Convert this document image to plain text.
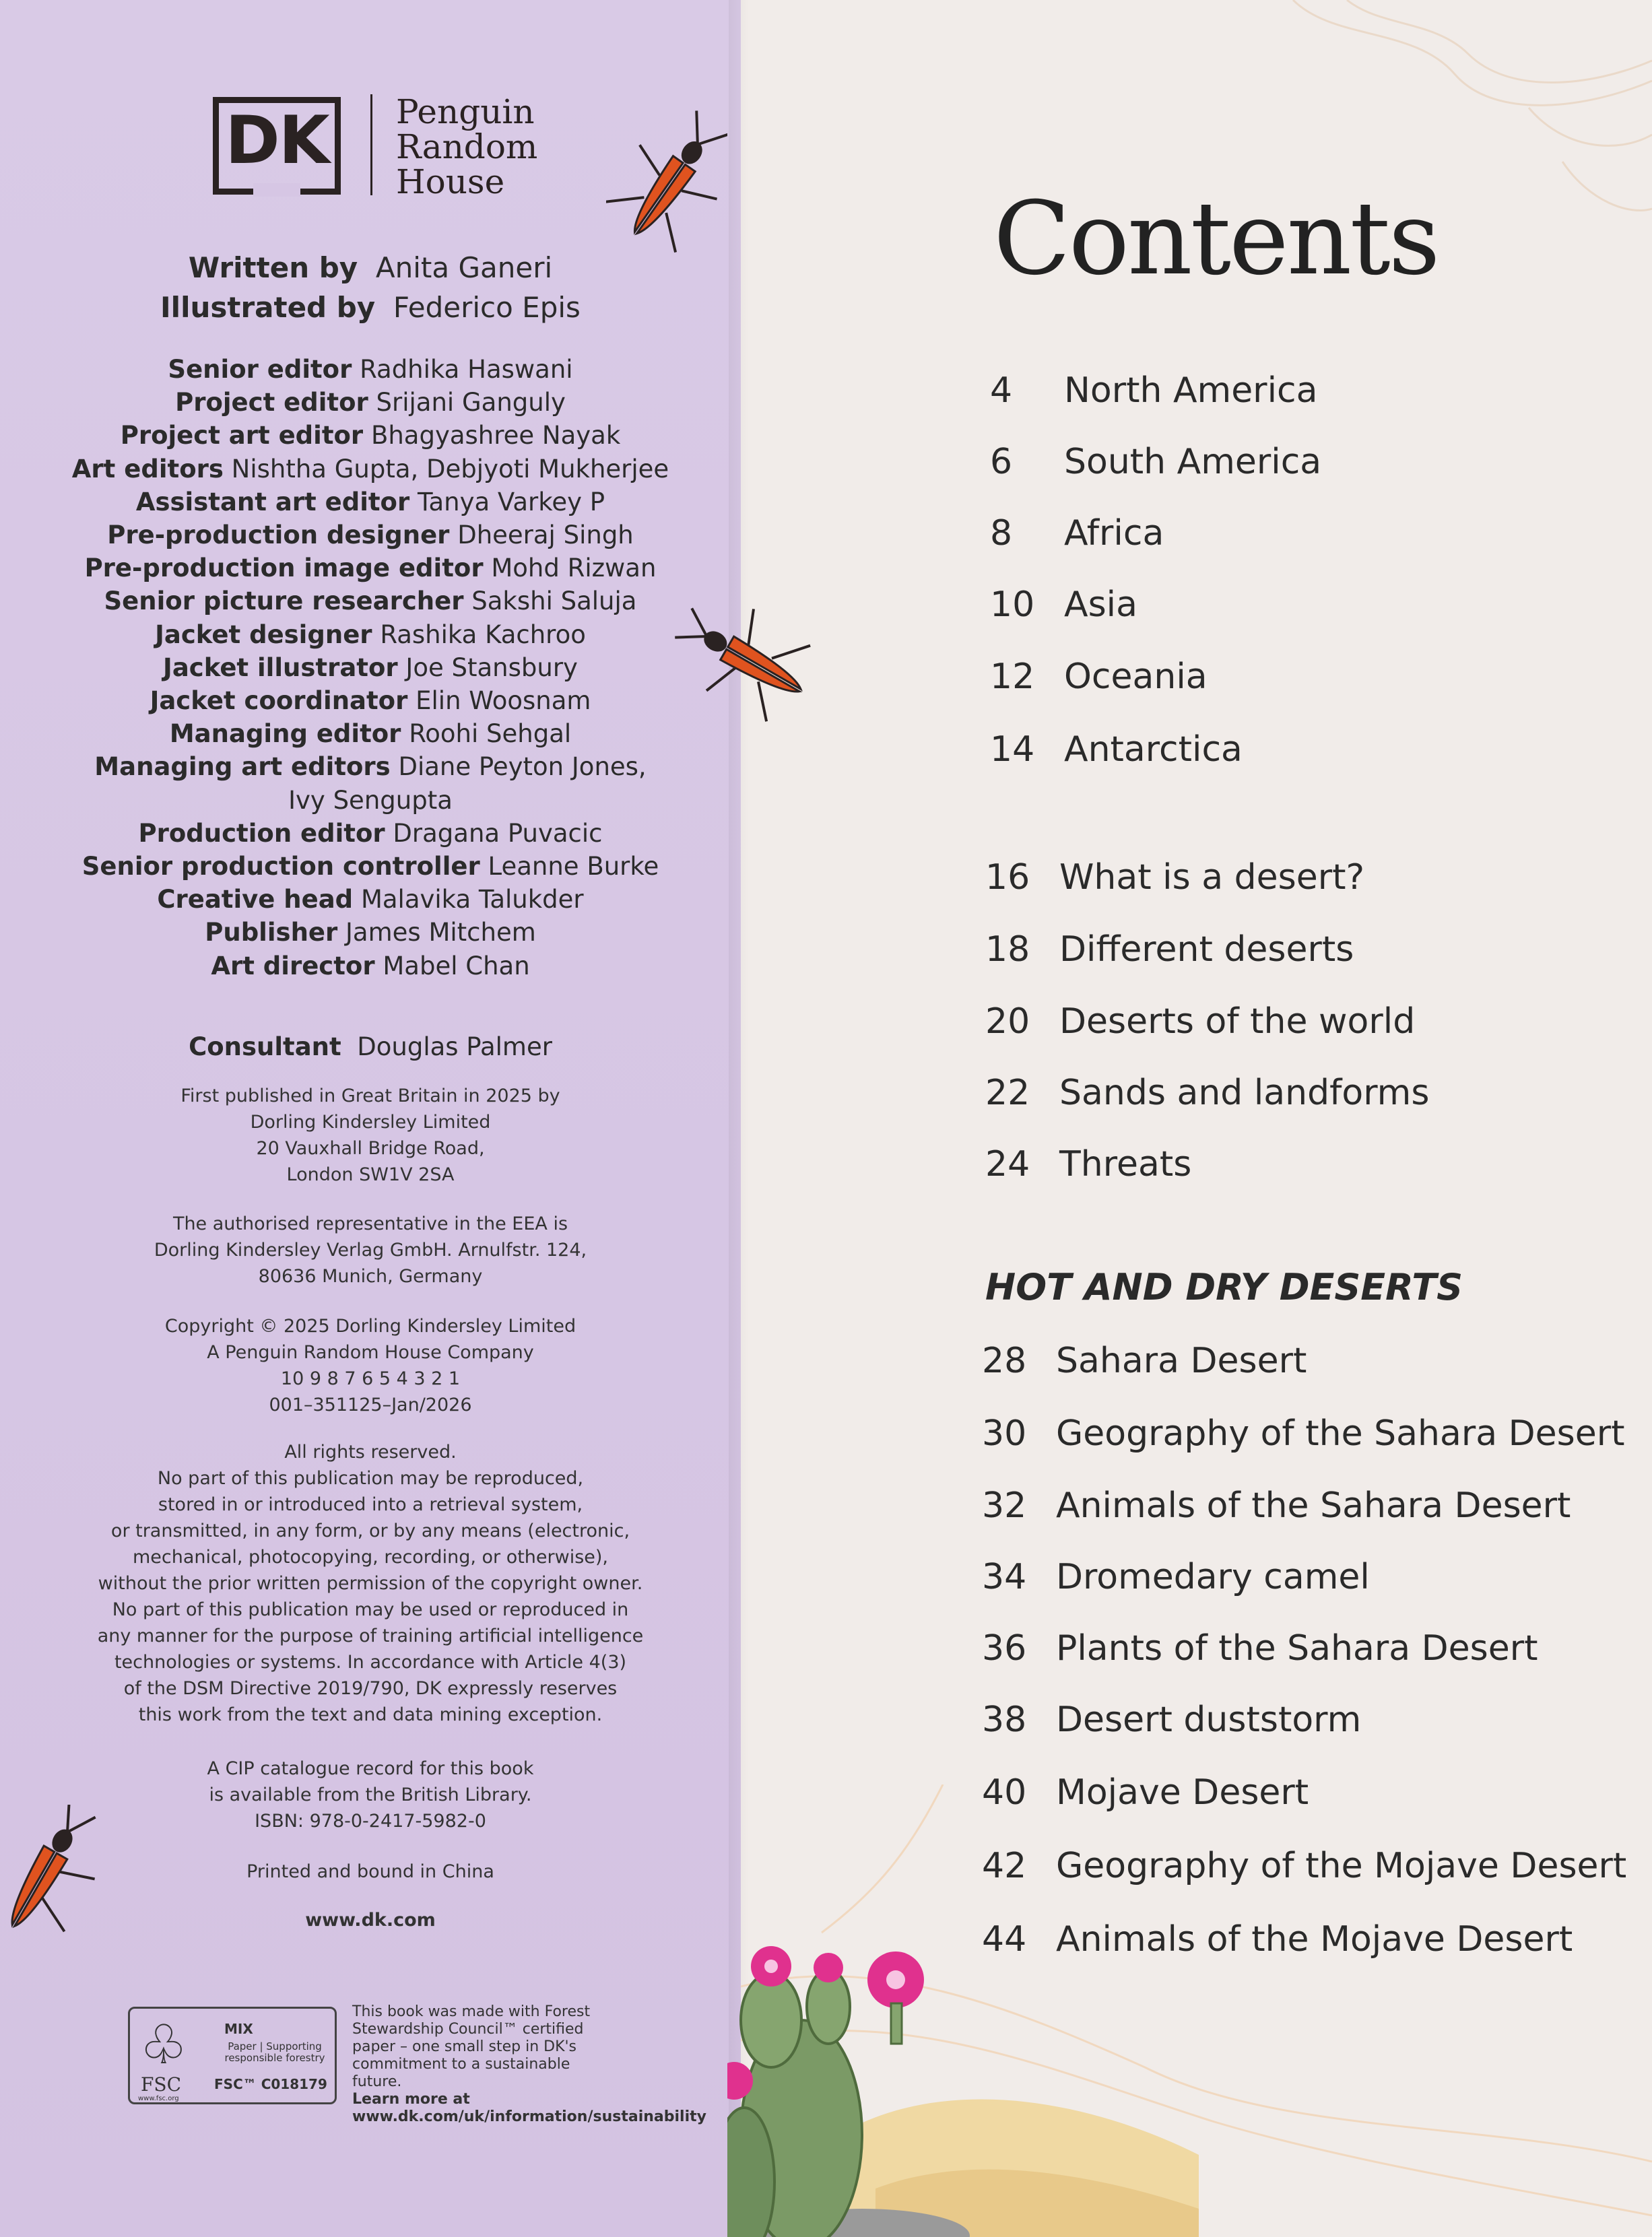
DK	Penguin
Random
House
Written by Anita Ganeri
Illustrated by Federico Epis
Senior editor Radhika Haswani
Project editor Srijani Ganguly
Project art editor Bhagyashree Nayak
Art editors Nishtha Gupta, Debjyoti Mukherjee
Assistant art editor Tanya Varkey P
Pre-production designer Dheeraj Singh
Pre-production image editor Mohd Rizwan
Senior picture researcher Sakshi Saluja
Jacket designer Rashika Kachroo
Jacket illustrator Joe Stansbury
Jacket coordinator Elin Woosnam
Managing editor Roohi Sehgal
Managing art editors Diane Peyton Jones,
Ivy Sengupta
Production editor Dragana Puvacic
Senior production controller Leanne Burke
Creative head Malavika Talukder
Publisher James Mitchem
Art director Mabel Chan
Consultant Douglas Palmer
First published in Great Britain in 2025 by
Dorling Kindersley Limited
20 Vauxhall Bridge Road,
London SW1V 2SA
The authorised representative in the EEA is
Dorling Kindersley Verlag GmbH. Arnulfstr. 124,
80636 Munich, Germany
Copyright © 2025 Dorling Kindersley Limited
A Penguin Random House Company
10 9 8 7 6 5 4 3 2 1
001–351125–Jan/2026
All rights reserved.
No part of this publication may be reproduced,
stored in or introduced into a retrieval system,
or transmitted, in any form, or by any means (electronic,
mechanical, photocopying, recording, or otherwise),
without the prior written permission of the copyright owner.
No part of this publication may be used or reproduced in
any manner for the purpose of training artificial intelligence
technologies or systems. In accordance with Article 4(3)
of the DSM Directive 2019/790, DK expressly reserves
this work from the text and data mining exception.
A CIP catalogue record for this book
is available from the British Library.
ISBN: 978-0-2417-5982-0
Printed and bound in China
www.dk.com
♧
FSC
MIX
Paper | Supporting responsible forestry
FSC™ C018179
www.fsc.org
This book was made with Forest Stewardship Council™ certified paper – one small step in DK's commitment to a sustainable future.
Learn more at www.dk.com/uk/information/sustainability
Contents
4 North America
6 South America
8 Africa
10 Asia
12 Oceania
14 Antarctica
16 What is a desert?
18 Different deserts
20 Deserts of the world
22 Sands and landforms
24 Threats
28 Sahara Desert
30 Geography of the Sahara Desert
32 Animals of the Sahara Desert
34 Dromedary camel
36 Plants of the Sahara Desert
38 Desert duststorm
40 Mojave Desert
42 Geography of the Mojave Desert
44 Animals of the Mojave Desert
HOT AND DRY DESERTS
